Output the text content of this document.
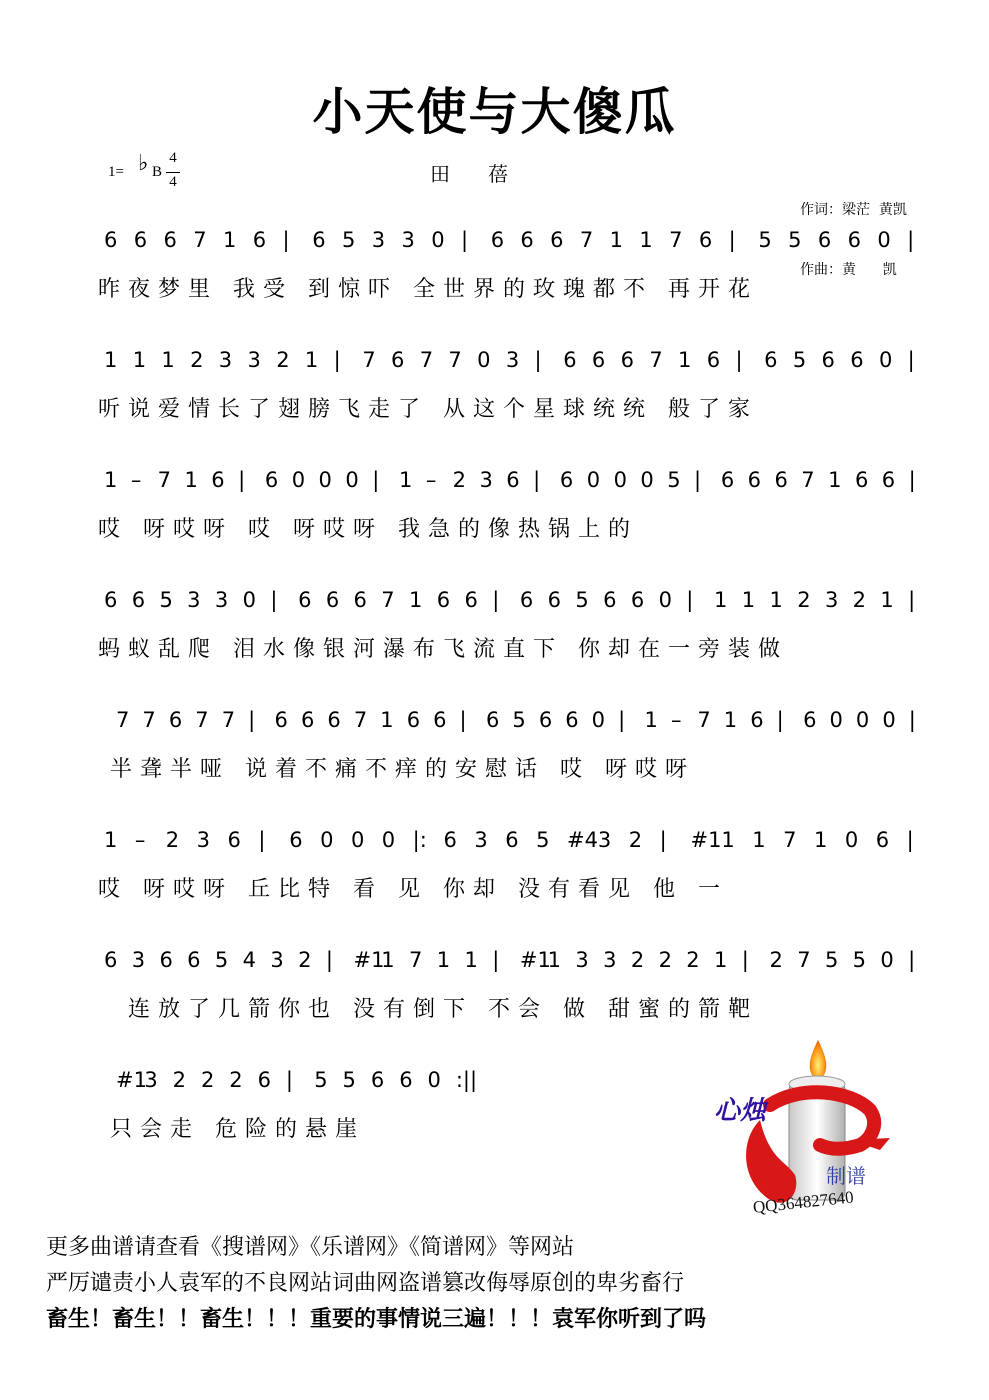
小天使与大傻瓜
1= ♭ B
4
4	田蓓

作词：梁茫  黄凯

作曲：黄      凯

6 6 6 7 1 6 | 6 5 3 3 0 | 6 6 6 7 1 1 7 6 | 5 5 6 6 0 |
昨夜梦里 我受 到惊吓 全世界的玫瑰都不 再开花
1 1 1 2 3 3 2 1 | 7 6 7 7 0 3 | 6 6 6 7 1 6 | 6 5 6 6 0 |
听说爱情长了翅膀飞走了 从这个星球统统 般了家
1 – 7 1 6 | 6 0 0 0 | 1 – 2 3 6 | 6 0 0 0 5 | 6 6 6 7 1 6 6 |
哎 呀哎呀 哎 呀哎呀 我急的像热锅上的
6 6 5 3 3 0 | 6 6 6 7 1 6 6 | 6 6 5 6 6 0 | 1 1 1 2 3 2 1 |
蚂蚁乱爬 泪水像银河瀑布飞流直下 你却在一旁装做
7 7 6 7 7 | 6 6 6 7 1 6 6 | 6 5 6 6 0 | 1 – 7 1 6 | 6 0 0 0 |
半聋半哑 说着不痛不痒的安慰话 哎 呀哎呀
1 – 2 3 6 | 6 0 0 0 |: 6 3 6 5 #4 3 2 | #1 1 1 7 1 0 6 |
哎 呀哎呀 丘比特 看 见 你却 没有看见 他 一
6 3 6 6 5 4 3 2 | #1
1 7 1 1 | #1
1 3 3 2 2 2 1 | 2 7 5 5 0 |
连放了几箭你也 没有倒下 不会 做 甜蜜的箭靶
#1
3 2 2 2 6 | 5 5 6 6 0 :||
只会走 危险的悬崖
心烛
制谱
QQ364827640
更多曲谱请查看《搜谱网》《乐谱网》《简谱网》等网站
严厉谴责小人袁军的不良网站词曲网盗谱篡改侮辱原创的卑劣畜行
畜生！畜生！！畜生！！！重要的事情说三遍！！！袁军你听到了吗
